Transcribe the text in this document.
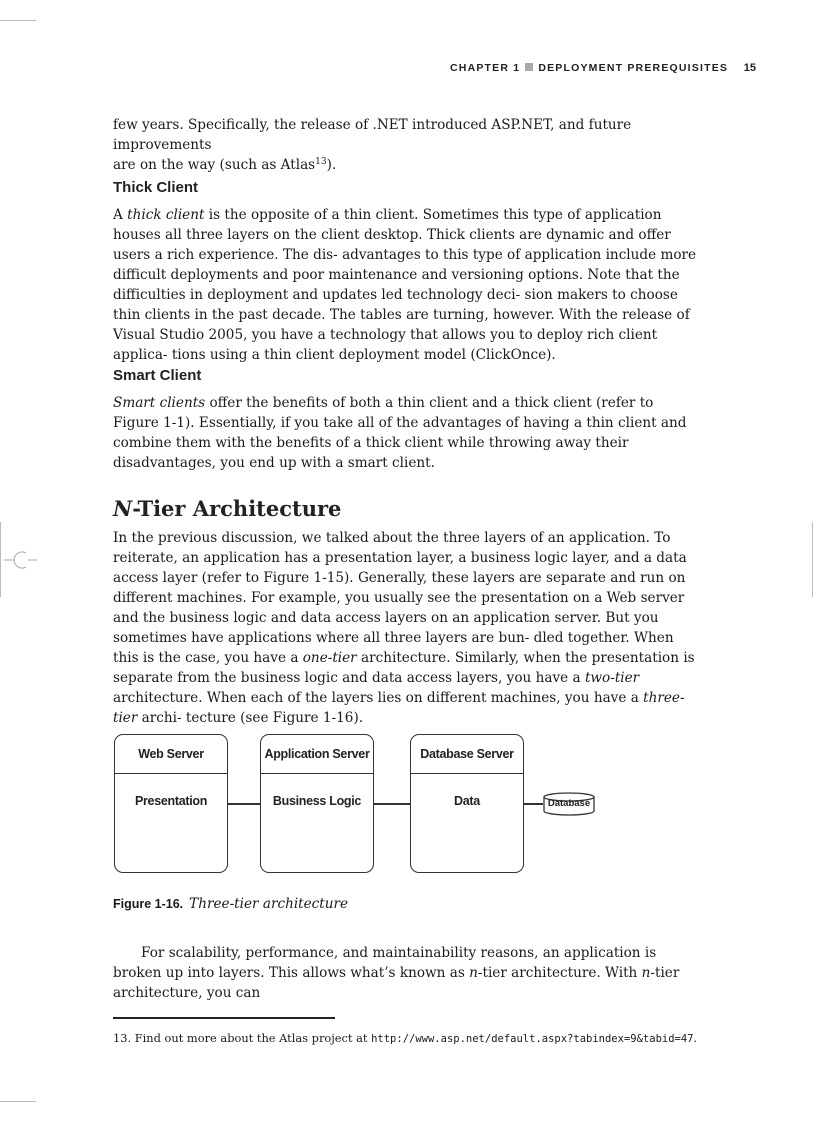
CHAPTER 1 DEPLOYMENT PREREQUISITES 15

few years. Specifically, the release of .NET introduced ASP.NET, and future improvements
are on the way (such as Atlas$^{13}$).

Thick Client

A thick client is the opposite of a thin client. Sometimes this type of application houses all three layers on the client desktop. Thick clients are dynamic and offer users a rich experience. The dis- advantages to this type of application include more difficult deployments and poor maintenance and versioning options. Note that the difficulties in deployment and updates led technology deci- sion makers to choose thin clients in the past decade. The tables are turning, however. With the release of Visual Studio 2005, you have a technology that allows you to deploy rich client applica- tions using a thin client deployment model (ClickOnce).

Smart Client

Smart clients offer the benefits of both a thin client and a thick client (refer to Figure 1-1). Essentially, if you take all of the advantages of having a thin client and combine them with the benefits of a thick client while throwing away their disadvantages, you end up with a smart client.

N-Tier Architecture

In the previous discussion, we talked about the three layers of an application. To reiterate, an application has a presentation layer, a business logic layer, and a data access layer (refer to Figure 1-15). Generally, these layers are separate and run on different machines. For example, you usually see the presentation on a Web server and the business logic and data access layers on an application server. But you sometimes have applications where all three layers are bun- dled together. When this is the case, you have a one-tier architecture. Similarly, when the presentation is separate from the business logic and data access layers, you have a two-tier architecture. When each of the layers lies on different machines, you have a three-tier archi- tecture (see Figure 1-16).

Web Server
Presentation
Application Server
Business Logic
Database Server
Data	Database
Figure 1-16. Three-tier architecture

For scalability, performance, and maintainability reasons, an application is broken up into layers. This allows what’s known as n-tier architecture. With n-tier architecture, you can

13. Find out more about the Atlas project at http://www.asp.net/default.aspx?tabindex=9&tabid=47.
